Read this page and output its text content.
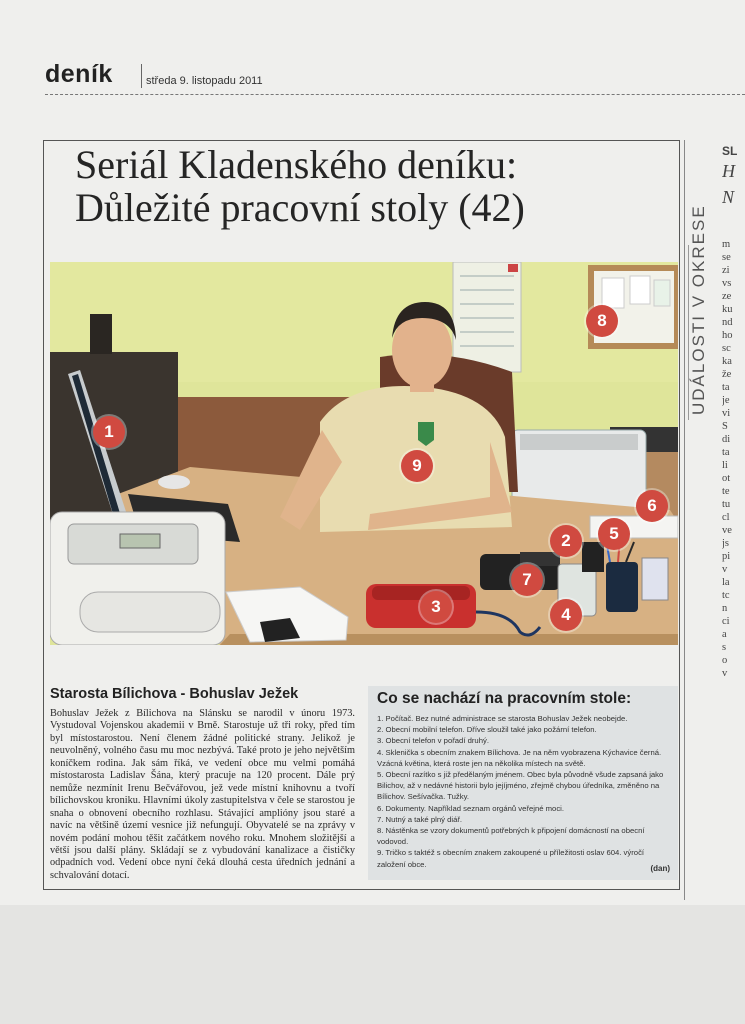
deník	středa 9. listopadu 2011
Seriál Kladenského deníku:
Důležité pracovní stoly (42)
1
2
3	4
5
6
7
8
9
UDÁLOSTI V OKRESE
SL
H
N
m
se
zi
vs
ze
ku
nd
ho
sc
ka
že
ta
je
vi
S
di
ta
li
ot
te
tu
cl
ve
js
pi
v
la
tc
n
ci
a
s
o
v
Starosta Bílichova - Bohuslav Ježek

Bohuslav Ježek z Bílichova na Slánsku se narodil v únoru 1973. Vystudoval Vojenskou akademii v Brně. Starostuje už tři roky, před tím byl místostarostou. Není členem žádné politické strany. Jelikož je neuvolněný, volného času mu moc nezbývá. Také proto je jeho největším koníčkem rodina. Jak sám říká, ve vedení obce mu velmi pomáhá místostarosta Ladislav Šána, který pracuje na 120 procent. Dále prý nemůže nezmínit Irenu Bečvářovou, jež vede místní knihovnu a tvoří bílichovskou kroniku. Hlavními úkoly zastupitelstva v čele se starostou je snaha o obnovení obecního rozhlasu. Stávající amplióny jsou staré a navíc na většině území vesnice již nefungují. Obyvatelé se na zprávy v novém podání mohou těšit začátkem nového roku. Mnohem složitější a větší jsou další plány. Skládají se z vybudování kanalizace a čističky odpadních vod. Vedení obce nyní čeká dlouhá cesta úředních jednání a schvalování dotací.

Co se nachází na pracovním stole:
1. Počítač. Bez nutné administrace se starosta Bohuslav Ježek neobejde.
2. Obecní mobilní telefon. Dříve sloužil také jako požární telefon.
3. Obecní telefon v pořadí druhý.
4. Sklenička s obecním znakem Bílichova. Je na něm vyobrazena Kýchavice černá. Vzácná květina, která roste jen na několika místech na světě.
5. Obecní razítko s již předělaným jménem. Obec byla původně všude zapsaná jako Bilichov, až v nedávné historii bylo jejíjméno, zřejmě chybou úředníka, změněno na Bílichov. Sešívačka. Tužky.
6. Dokumenty. Například seznam orgánů veřejné moci.
7. Nutný a také plný diář.
8. Nástěnka se vzory dokumentů potřebných k připojení domácností na obecní vodovod.
9. Tričko s taktéž s obecním znakem zakoupené u příležitosti oslav 604. výročí založení obce.	(dan)
